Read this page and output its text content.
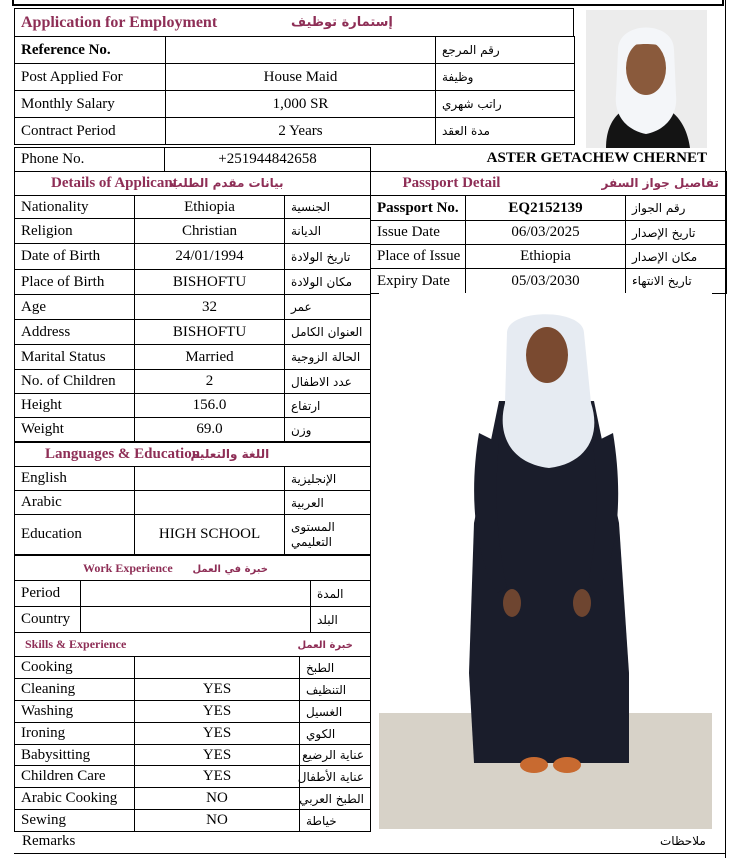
Application for Employment	إستمارة توظيف
Reference No.		رقم المرجع
Post Applied For	House Maid	وظيفة
Monthly Salary	1,000 SR	راتب شهري
Contract Period	2 Years	مدة العقد
Phone No.	+251944842658	ASTER GETACHEW CHERNET
Details of Applicant		بيانات مقدم الطلب
Nationality	Ethiopia	الجنسية
Religion	Christian	الديانة
Date of Birth	24/01/1994	تاريخ الولادة
Place of Birth	BISHOFTU	مكان الولادة
Age	32	عمر
Address	BISHOFTU	العنوان الكامل
Marital Status	Married	الحالة الزوجية
No. of Children	2	عدد الاطفال
Height	156.0	ارتفاع
Weight	69.0	وزن
Languages & Education		اللغة والتعليم
English		الإنجليزية
Arabic		العربية
Education	HIGH SCHOOL	المستوى
التعليمي
Work Experience		خبرة في العمل
Period		المدة
Country		البلد
Skills & Experience		خبرة العمل
Cooking		الطبخ
Cleaning	YES	التنظيف
Washing	YES	الغسيل
Ironing	YES	الكوي
Babysitting	YES	عناية الرضيع
Children Care	YES	عناية الأطفال
Arabic Cooking	NO	الطبخ العربي
Sewing	NO	خياطة
Remarks	ملاحظات
Passport Detail		تفاصيل جواز السفر
Passport No.	EQ2152139	رقم الجواز
Issue Date	06/03/2025	تاريخ الإصدار
Place of Issue	Ethiopia	مكان الإصدار
Expiry Date	05/03/2030	تاريخ الانتهاء
